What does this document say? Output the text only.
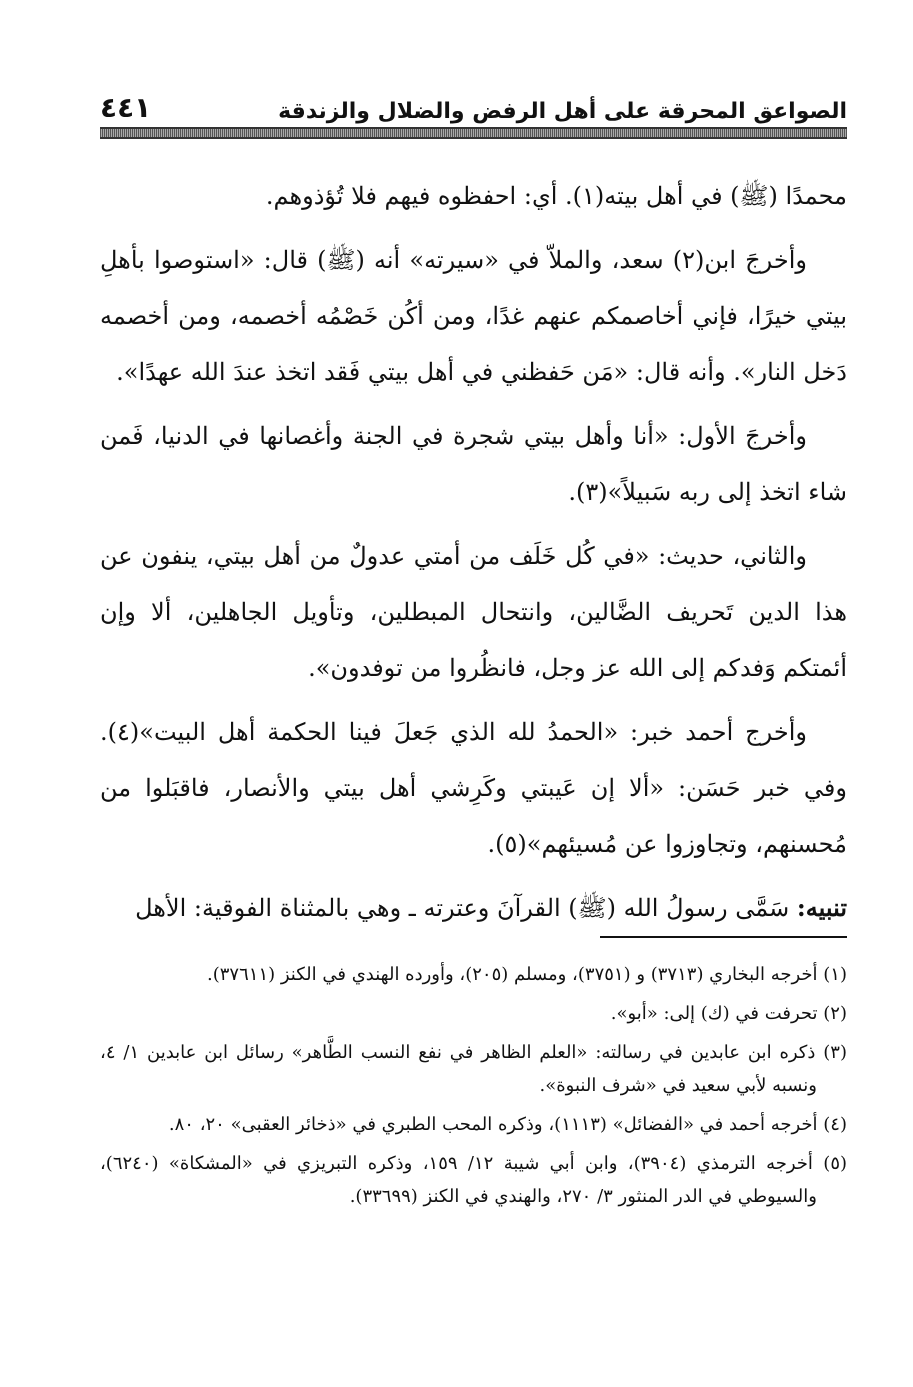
٤٤١	الصواعق المحرقة على أهل الرفض والضلال والزندقة

محمدًا (ﷺ) في أهل بيته(١). أي: احفظوه فيهم فلا تُؤذوهم.

وأخرجَ ابن(٢) سعد، والملاّ في «سيرته» أنه (ﷺ) قال: «استوصوا بأهلِ بيتي خيرًا، فإني أخاصمكم عنهم غدًا، ومن أكُن خَصْمُه أخصمه، ومن أخصمه دَخل النار». وأنه قال: «مَن حَفظني في أهل بيتي فَقد اتخذ عندَ الله عهدًا».

وأخرجَ الأول: «أنا وأهل بيتي شجرة في الجنة وأغصانها في الدنيا، فَمن شاء اتخذ إلى ربه سَبيلاً»(٣).

والثاني، حديث: «في كُل خَلَف من أمتي عدولٌ من أهل بيتي، ينفون عن هذا الدين تَحريف الضَّالين، وانتحال المبطلين، وتأويل الجاهلين، ألا وإن أئمتكم وَفدكم إلى الله عز وجل، فانظُروا من توفدون».

وأخرج أحمد خبر: «الحمدُ لله الذي جَعلَ فينا الحكمة أهل البيت»(٤). وفي خبر حَسَن: «ألا إن عَيبتي وكَرِشي أهل بيتي والأنصار، فاقبَلوا من مُحسنهم، وتجاوزوا عن مُسيئهم»(٥).

تنبيه: سَمَّى رسولُ الله (ﷺ) القرآنَ وعترته ـ وهي بالمثناة الفوقية: الأهل

(١) أخرجه البخاري (٣٧١٣) و (٣٧٥١)، ومسلم (٢٠٥)، وأورده الهندي في الكنز (٣٧٦١١).

(٢) تحرفت في (ك) إلى: «أبو».

(٣) ذكره ابن عابدين في رسالته: «العلم الظاهر في نفع النسب الطَّاهر» رسائل ابن عابدين ١/ ٤، ونسبه لأبي سعيد في «شرف النبوة».

(٤) أخرجه أحمد في «الفضائل» (١١١٣)، وذكره المحب الطبري في «ذخائر العقبى» ٢٠، ٨٠.

(٥) أخرجه الترمذي (٣٩٠٤)، وابن أبي شيبة ١٢/ ١٥٩، وذكره التبريزي في «المشكاة» (٦٢٤٠)، والسيوطي في الدر المنثور ٣/ ٢٧٠، والهندي في الكنز (٣٣٦٩٩).
